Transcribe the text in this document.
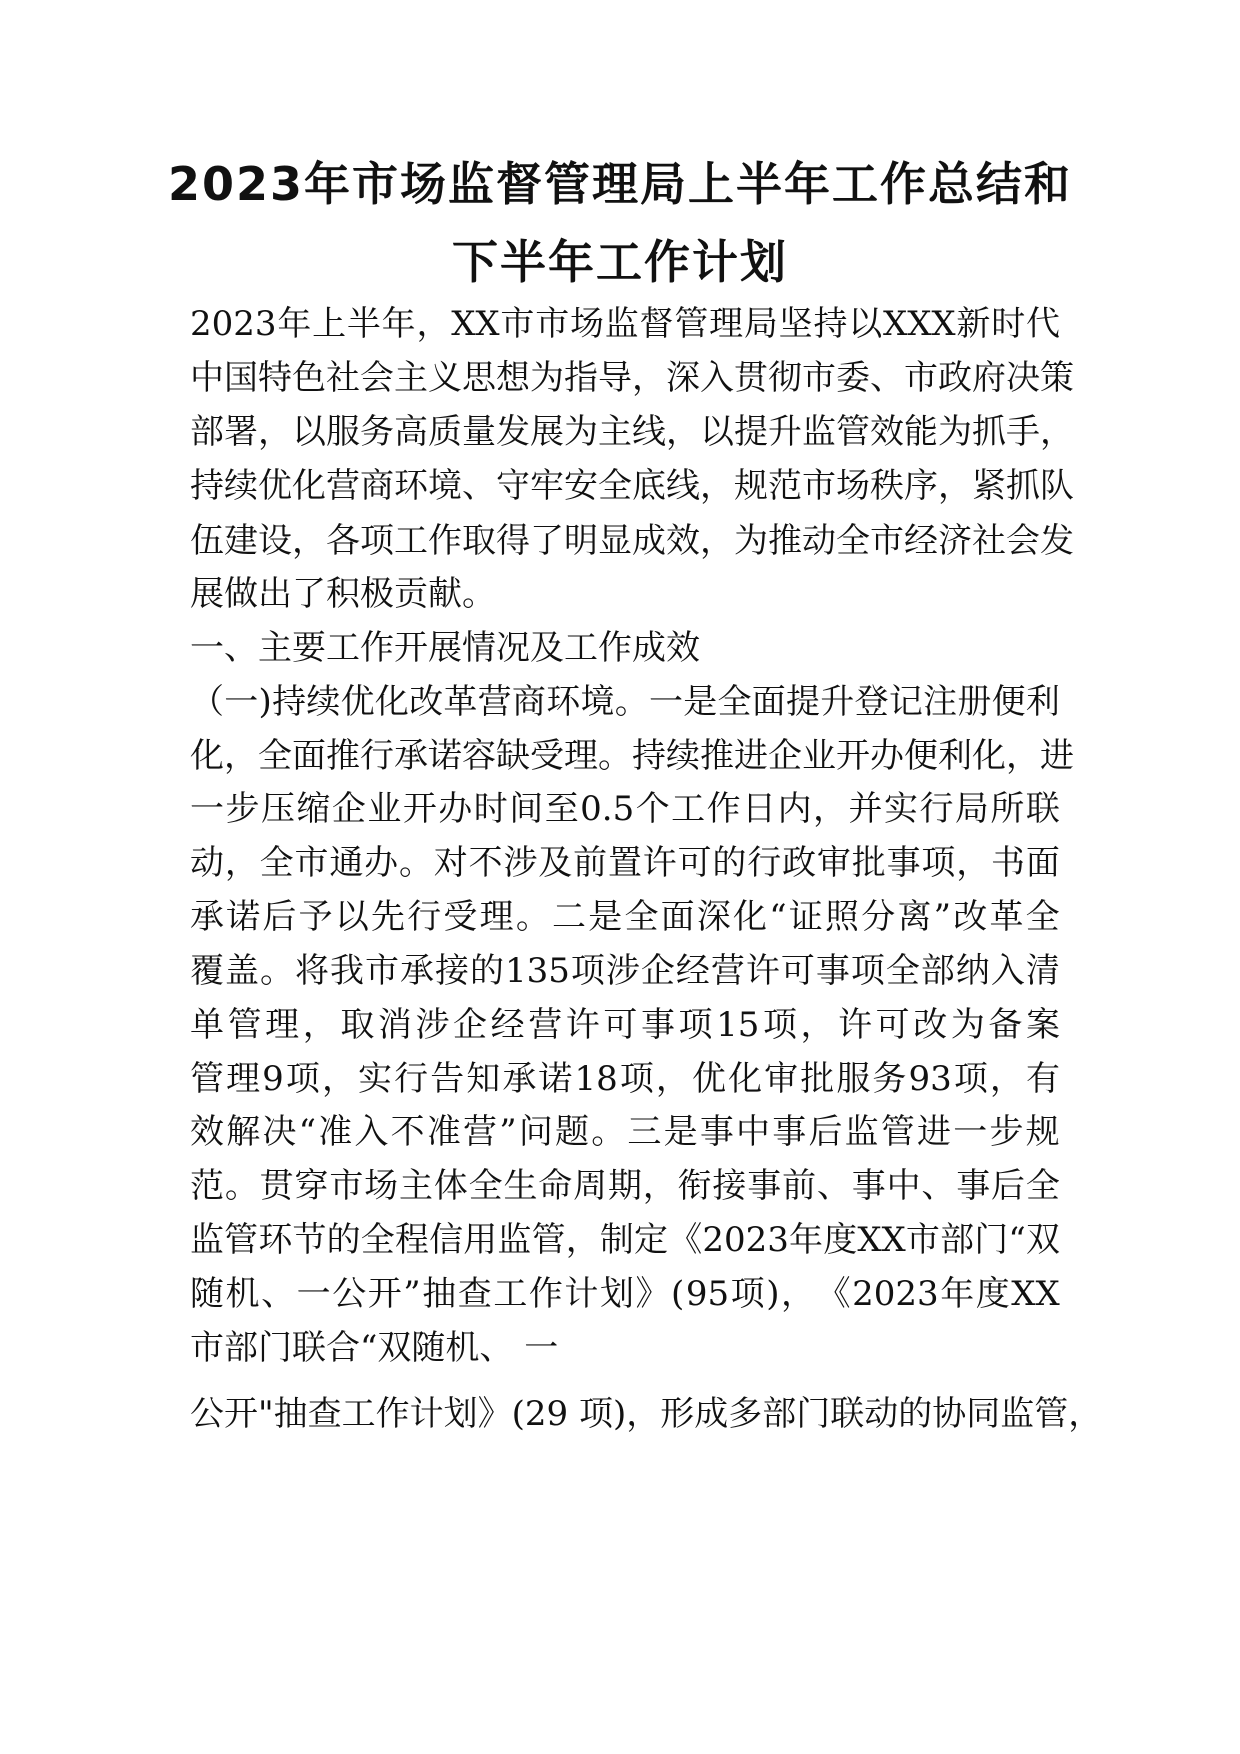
2023年市场监督管理局上半年工作总结和
下半年工作计划
2023 年 上 半 年 ， XX 市 市 场 监 督 管 理 局 坚 持 以 XXX 新 时 代
中 国 特 色 社 会 主 义 思 想 为 指 导 ， 深 入 贯 彻 市 委 、 市 政 府 决 策
部 署 ， 以 服 务 高 质 量 发 展 为 主 线 ， 以 提 升 监 管 效 能 为 抓 手 ，
持 续 优 化 营 商 环 境 、 守 牢 安 全 底 线 ， 规 范 市 场 秩 序 ， 紧 抓 队
伍 建 设 ， 各 项 工 作 取 得 了 明 显 成 效 ， 为 推 动 全 市 经 济 社 会 发
展做出了积极贡献。
一、主要工作开展情况及工作成效
（ 一 ) 持 续 优 化 改 革 营 商 环 境 。 一 是 全 面 提 升 登 记 注 册 便 利
化 ， 全 面 推 行 承 诺 容 缺 受 理 。 持 续 推 进 企 业 开 办 便 利 化 ， 进
一 步 压 缩 企 业 开 办 时 间 至 0.5 个 工 作 日 内 ， 并 实 行 局 所 联
动 ， 全 市 通 办 。 对 不 涉 及 前 置 许 可 的 行 政 审 批 事 项 ， 书 面
承 诺 后 予 以 先 行 受 理 。 二 是 全 面 深 化 “ 证 照 分 离 ” 改 革 全
覆 盖 。 将 我 市 承 接 的 135 项 涉 企 经 营 许 可 事 项 全 部 纳 入 清
单 管 理 ， 取 消 涉 企 经 营 许 可 事 项 15 项 ， 许 可 改 为 备 案
管 理 9 项 ， 实 行 告 知 承 诺 18 项 ， 优 化 审 批 服 务 93 项 ， 有
效 解 决 “ 准 入 不 准 营 ” 问 题 。 三 是 事 中 事 后 监 管 进 一 步 规
范 。 贯 穿 市 场 主 体 全 生 命 周 期 ， 衔 接 事 前 、 事 中 、 事 后 全
监 管 环 节 的 全 程 信 用 监 管 ， 制 定 《 2023 年 度 XX 市 部 门 “ 双
随 机 、 一 公 开 ” 抽 查 工 作 计 划 》 ( 95 项 ) ， 《 2023 年 度 XX
市部门联合“双随机、 一
公开"抽查工作计划》(29 项)，形成多部门联动的协同监管，
